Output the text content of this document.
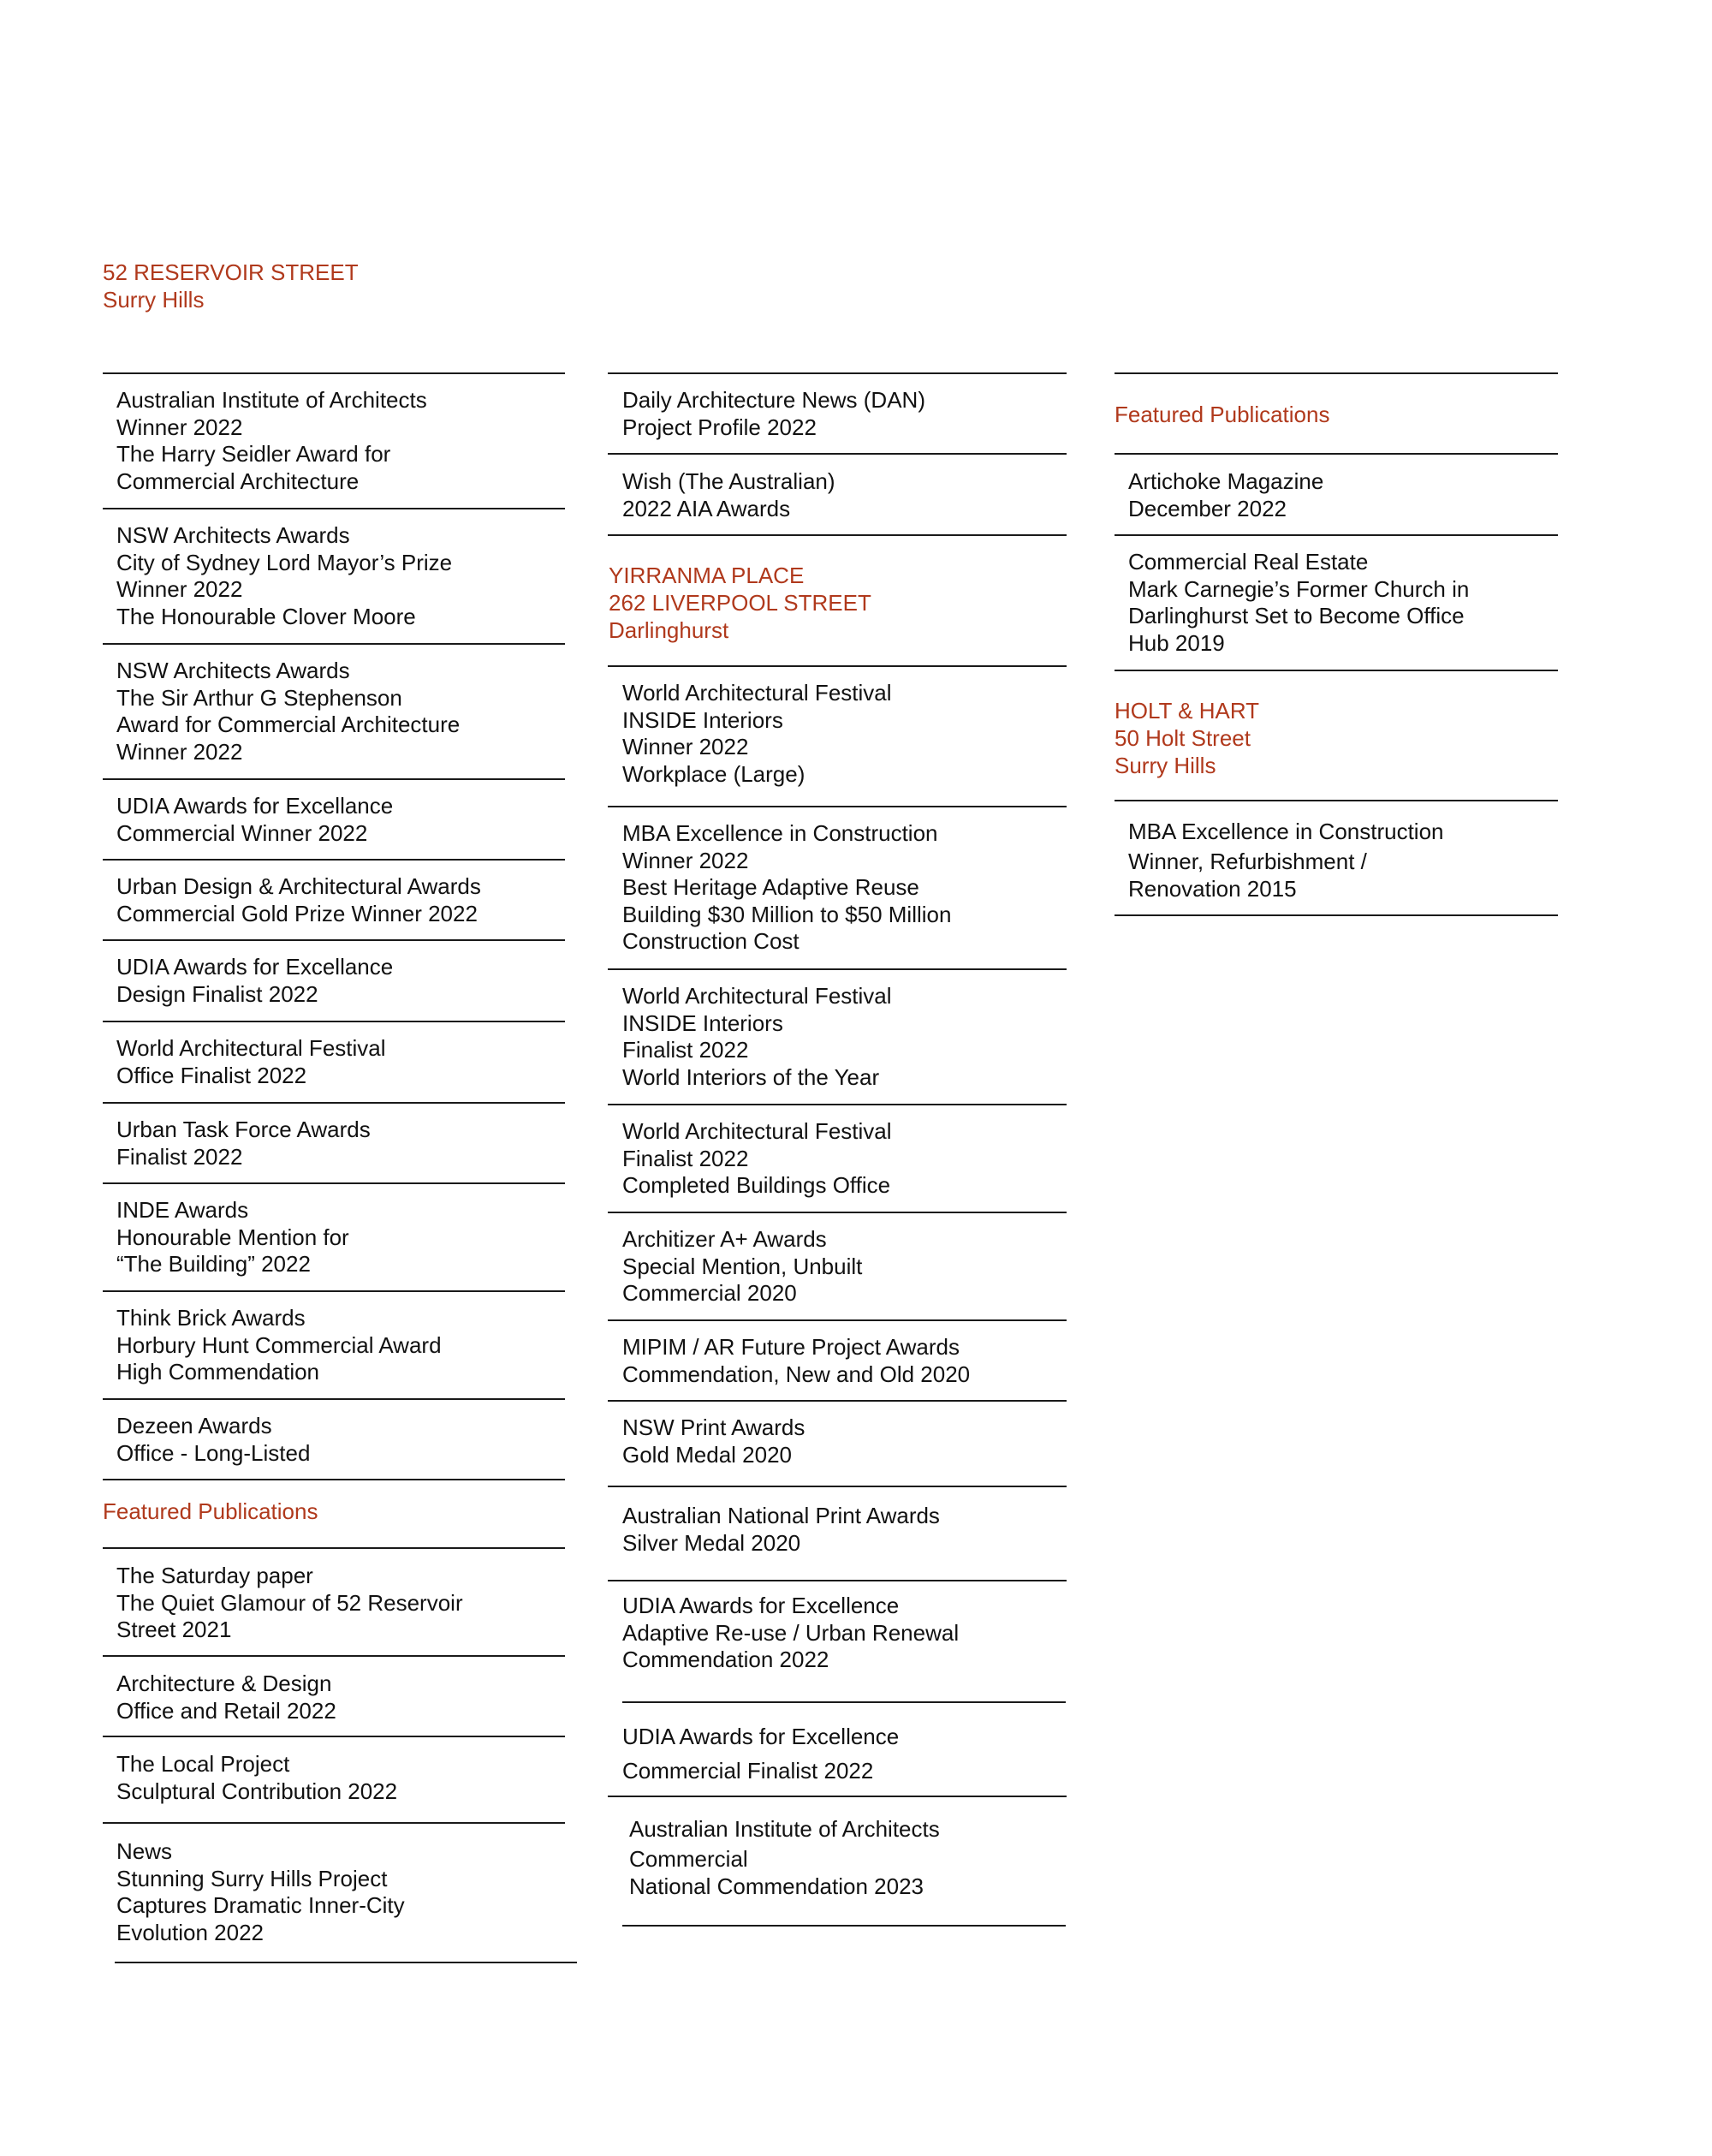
52 RESERVOIR STREET
Surry Hills
Australian Institute of Architects
Winner 2022
The Harry Seidler Award for
Commercial Architecture
NSW Architects Awards
City of Sydney Lord Mayor’s Prize
Winner 2022
The Honourable Clover Moore
NSW Architects Awards
The Sir Arthur G Stephenson
Award for Commercial Architecture
Winner 2022
UDIA Awards for Excellance
Commercial Winner 2022
Urban Design & Architectural Awards
Commercial Gold Prize Winner 2022
UDIA Awards for Excellance
Design Finalist 2022
World Architectural Festival
Office Finalist 2022
Urban Task Force Awards
Finalist 2022
INDE Awards
Honourable Mention for
“The Building” 2022
Think Brick Awards
Horbury Hunt Commercial Award
High Commendation
Dezeen Awards
Office - Long-Listed
Featured Publications
The Saturday paper
The Quiet Glamour of 52 Reservoir
Street 2021
Architecture & Design
Office and Retail 2022
The Local Project
Sculptural Contribution 2022
News
Stunning Surry Hills Project
Captures Dramatic Inner-City
Evolution 2022
Daily Architecture News (DAN)
Project Profile 2022
Wish (The Australian)
2022 AIA Awards
YIRRANMA PLACE
262 LIVERPOOL STREET
Darlinghurst
World Architectural Festival
INSIDE Interiors
Winner 2022
Workplace (Large)
MBA Excellence in Construction
Winner 2022
Best Heritage Adaptive Reuse
Building $30 Million to $50 Million
Construction Cost
World Architectural Festival
INSIDE Interiors
Finalist 2022
World Interiors of the Year
World Architectural Festival
Finalist 2022
Completed Buildings Office
Architizer A+ Awards
Special Mention, Unbuilt
Commercial 2020
MIPIM / AR Future Project Awards
Commendation, New and Old 2020
NSW Print Awards
Gold Medal 2020
Australian National Print Awards
Silver Medal 2020
UDIA Awards for Excellence
Adaptive Re-use / Urban Renewal
Commendation 2022
UDIA Awards for Excellence
Commercial Finalist 2022
Australian Institute of Architects
Commercial
National Commendation 2023
Featured Publications
Artichoke Magazine
December 2022
Commercial Real Estate
Mark Carnegie’s Former Church in
Darlinghurst Set to Become Office
Hub 2019
HOLT & HART
50 Holt Street
Surry Hills
MBA Excellence in Construction
Winner, Refurbishment /
Renovation 2015
